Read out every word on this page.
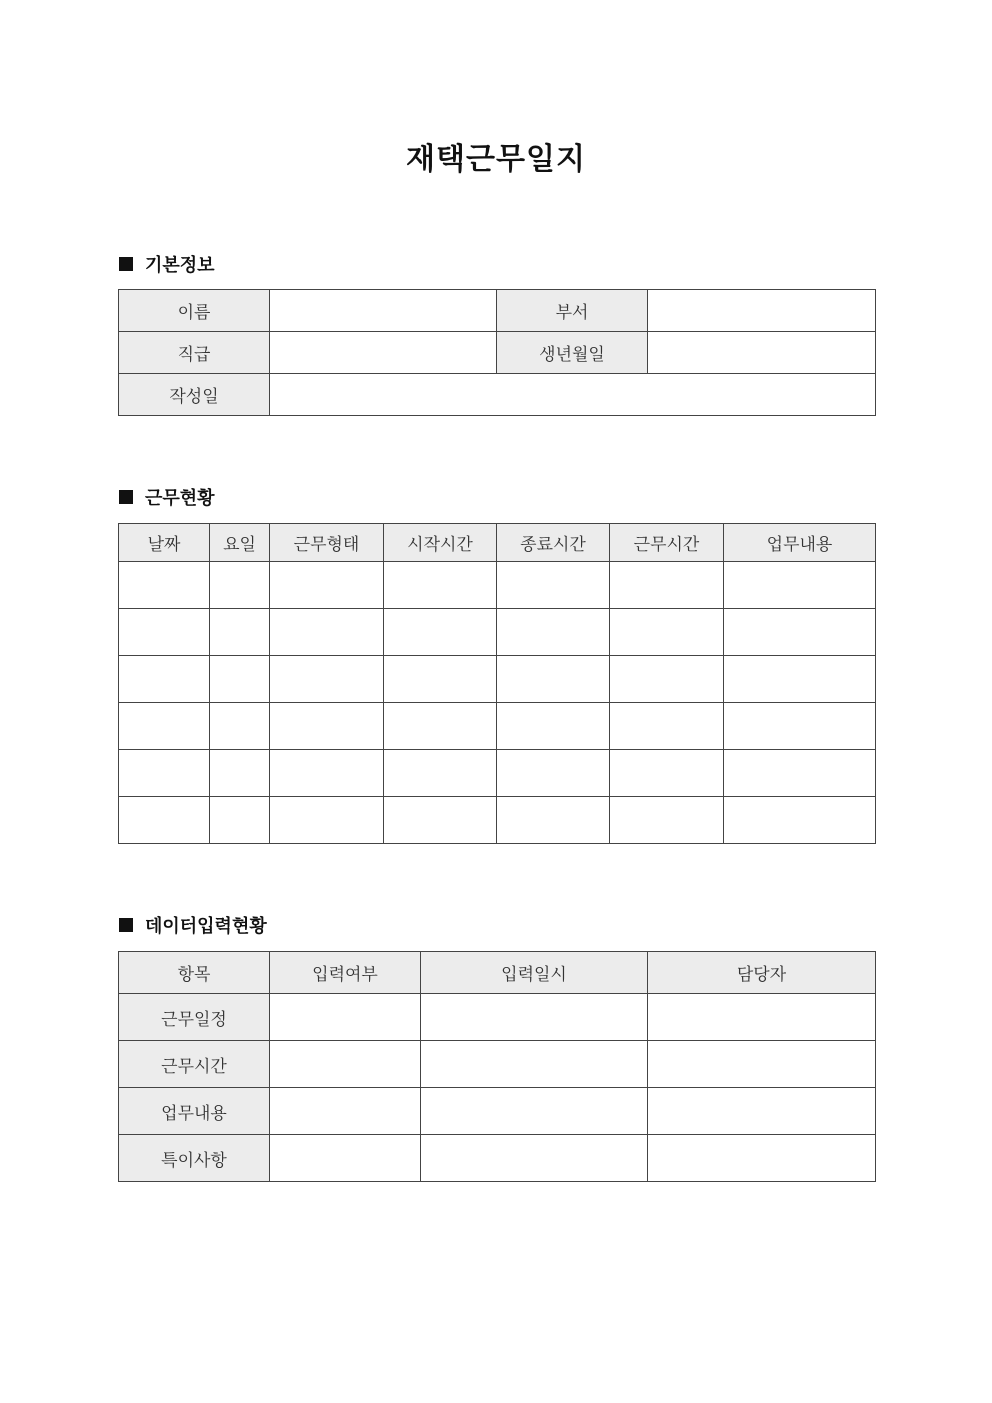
재택근무일지
기본정보
이름		부서	
직급		생년월일	
작성일			
근무현황
날짜	요일	근무형태	시작시간	종료시간	근무시간	업무내용

데이터입력현황
항목	입력여부	입력일시	담당자
근무일정			
근무시간			
업무내용			
특이사항			
